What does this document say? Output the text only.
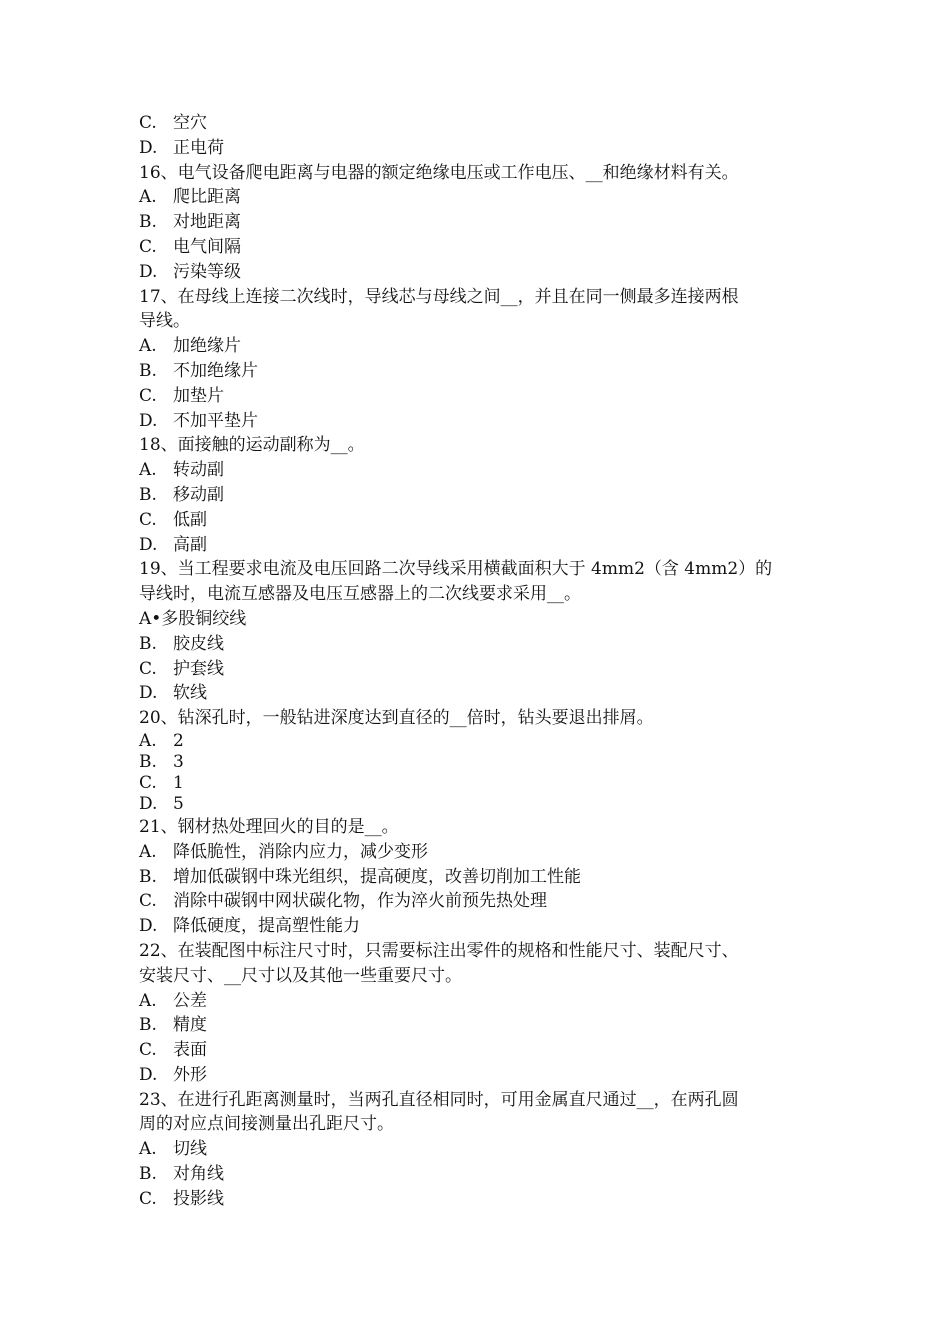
C. 空穴
D. 正电荷
16、电气设备爬电距离与电器的额定绝缘电压或工作电压、__和绝缘材料有关。
A. 爬比距离
B. 对地距离
C. 电气间隔
D. 污染等级
17、在母线上连接二次线时，导线芯与母线之间__，并且在同一侧最多连接两根
导线。
A. 加绝缘片
B. 不加绝缘片
C. 加垫片
D. 不加平垫片
18、面接触的运动副称为__。
A. 转动副
B. 移动副
C. 低副
D. 高副
19、当工程要求电流及电压回路二次导线采用横截面积大于 4mm2（含 4mm2）的
导线时，电流互感器及电压互感器上的二次线要求采用__。
A•多股铜绞线
B. 胶皮线
C. 护套线
D. 软线
20、钻深孔时，一般钻进深度达到直径的__倍时，钻头要退出排屑。
A. 2
B. 3
C. 1
D. 5
21、钢材热处理回火的目的是__。
A. 降低脆性，消除内应力，减少变形
B. 增加低碳钢中珠光组织，提高硬度，改善切削加工性能
C. 消除中碳钢中网状碳化物，作为淬火前预先热处理
D. 降低硬度，提高塑性能力
22、在装配图中标注尺寸时，只需要标注出零件的规格和性能尺寸、装配尺寸、
安装尺寸、__尺寸以及其他一些重要尺寸。
A. 公差
B. 精度
C. 表面
D. 外形
23、在进行孔距离测量时，当两孔直径相同时，可用金属直尺通过__，在两孔圆
周的对应点间接测量出孔距尺寸。
A. 切线
B. 对角线
C. 投影线
